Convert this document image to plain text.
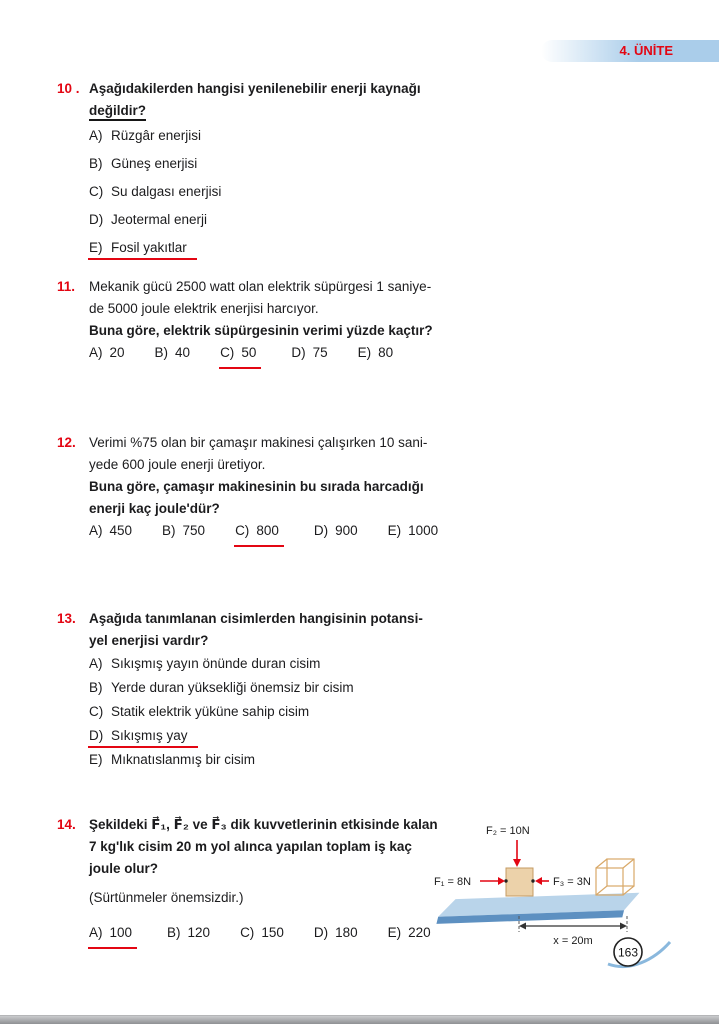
4. ÜNİTE
10 . Aşağıdakilerden hangisi yenilenebilir enerji kaynağı
değildir?
A) Rüzgâr enerjisi
B) Güneş enerjisi
C) Su dalgası enerjisi
D) Jeotermal enerji
E) Fosil yakıtlar
11.	Mekanik gücü 2500 watt olan elektrik süpürgesi 1 saniye-
de 5000 joule elektrik enerjisi harcıyor.
Buna göre, elektrik süpürgesinin verimi yüzde kaçtır?
A) 20 B) 40 C) 50	D) 75 E) 80
12. Verimi %75 olan bir çamaşır makinesi çalışırken 10 sani-
yede 600 joule enerji üretiyor.
Buna göre, çamaşır makinesinin bu sırada harcadığı
enerji kaç joule'dür?
A) 450 B) 750 C) 800	D) 900 E) 1000
13. Aşağıda tanımlanan cisimlerden hangisinin potansi-
yel enerjisi vardır?
A) Sıkışmış yayın önünde duran cisim
B) Yerde duran yüksekliği önemsiz bir cisim
C) Statik elektrik yüküne sahip cisim
D) Sıkışmış yay
E) Mıknatıslanmış bir cisim
14. Şekildeki F⃗₁, F⃗₂ ve F⃗₃ dik kuvvetlerinin etkisinde kalan
7 kg'lık cisim 20 m yol alınca yapılan toplam iş kaç
joule olur?
(Sürtünmeler önemsizdir.)
A) 100	B) 120 C) 150 D) 180 E) 220
F₂ = 10N
F₁ = 8N	F₃ = 3N
x = 20m
163
